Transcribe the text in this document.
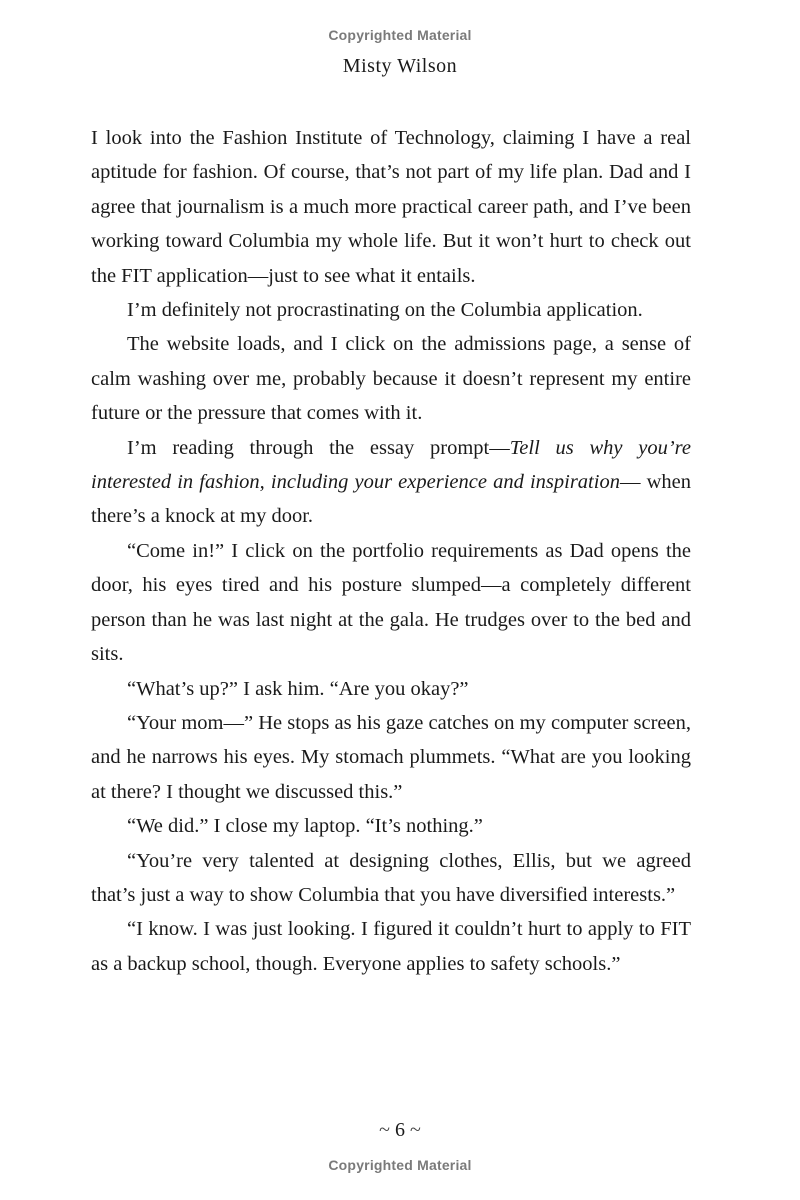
Copyrighted Material
Misty Wilson

I look into the Fashion Institute of Technology, claiming I have a real aptitude for fashion. Of course, that’s not part of my life plan. Dad and I agree that journalism is a much more practical career path, and I’ve been working toward Columbia my whole life. But it won’t hurt to check out the FIT application—just to see what it entails.

I’m definitely not procrastinating on the Columbia application.

The website loads, and I click on the admissions page, a sense of calm washing over me, probably because it doesn’t represent my entire future or the pressure that comes with it.

I’m reading through the essay prompt—Tell us why you’re interested in fashion, including your experience and inspiration— when there’s a knock at my door.

“Come in!” I click on the portfolio requirements as Dad opens the door, his eyes tired and his posture slumped—a completely different person than he was last night at the gala. He trudges over to the bed and sits.

“What’s up?” I ask him. “Are you okay?”

“Your mom—” He stops as his gaze catches on my computer screen, and he narrows his eyes. My stomach plummets. “What are you looking at there? I thought we discussed this.”

“We did.” I close my laptop. “It’s nothing.”

“You’re very talented at designing clothes, Ellis, but we agreed that’s just a way to show Columbia that you have diversified interests.”

“I know. I was just looking. I figured it couldn’t hurt to apply to FIT as a backup school, though. Everyone applies to safety schools.”

~ 6 ~
Copyrighted Material
